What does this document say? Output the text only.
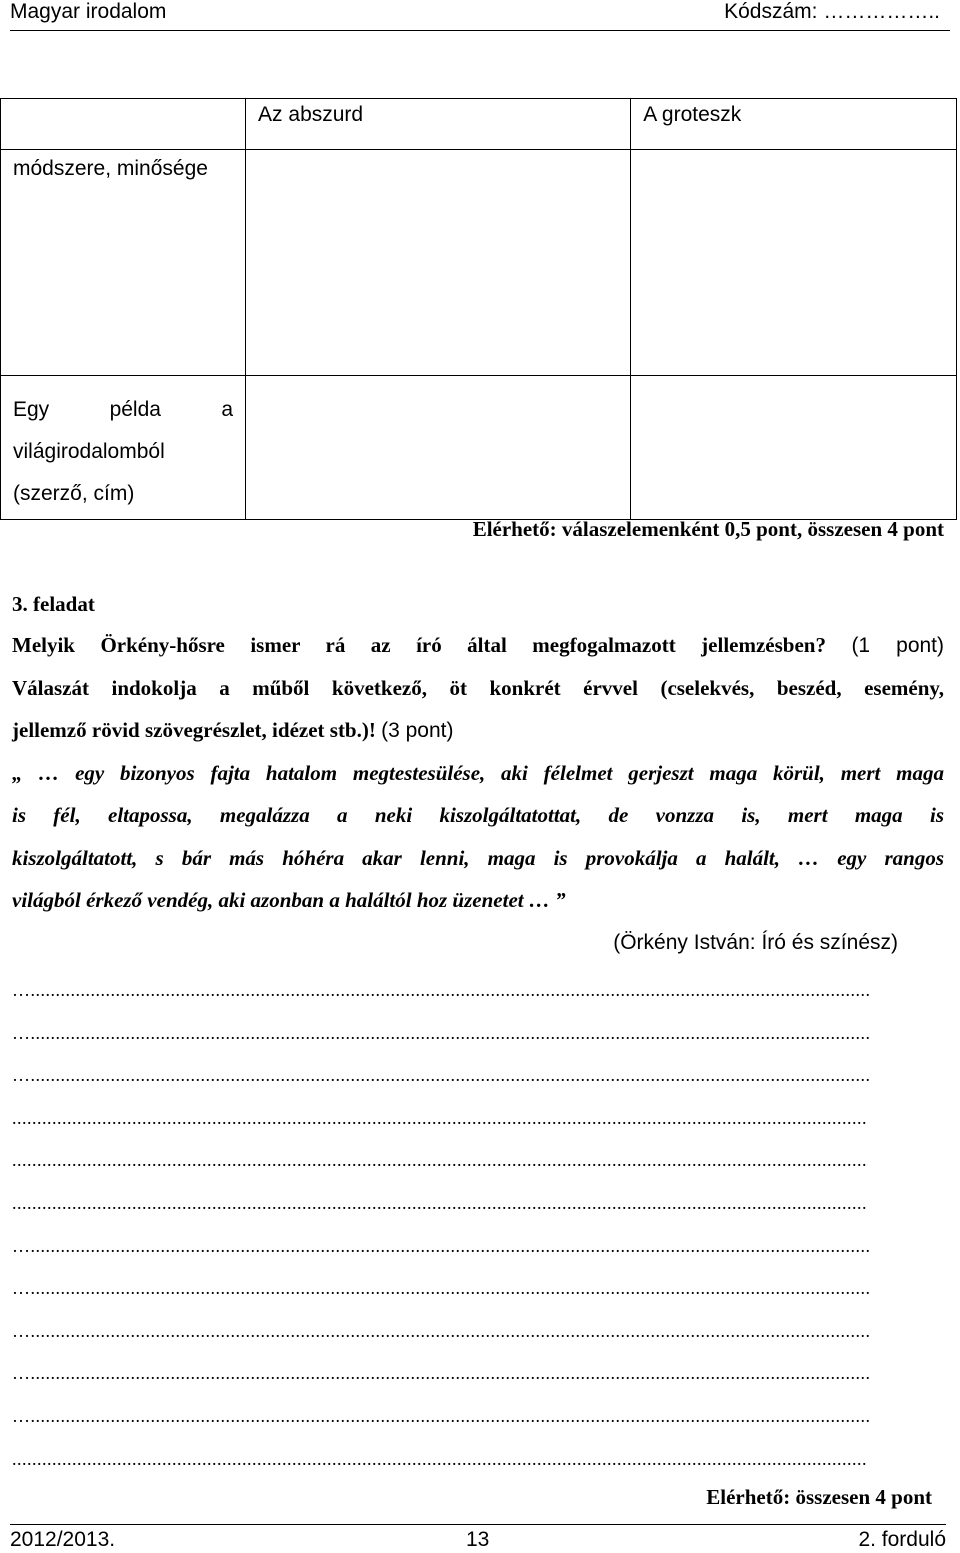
Magyar irodalom	Kódszám: ……………..
	Az abszurd	A groteszk
módszere, minősége		

Egy példa a
világirodalomból
(szerző, cím)		

Elérhető: válaszelemenként 0,5 pont, összesen 4 pont
3. feladat
Melyik Örkény-hősre ismer rá az író által megfogalmazott jellemzésben? (1 pont)
Válaszát indokolja a műből következő, öt konkrét érvvel (cselekvés, beszéd, esemény,
jellemző rövid szövegrészlet, idézet stb.)! (3 pont)
„ … egy bizonyos fajta hatalom megtestesülése, aki félelmet gerjeszt maga körül, mert maga
is fél, eltapossa, megalázza a neki kiszolgáltatottat, de vonzza is, mert maga is
kiszolgáltatott, s bár más hóhéra akar lenni, maga is provokálja a halált, … egy rangos
világból érkező vendég, aki azonban a haláltól hoz üzenetet … ”
(Örkény István: Író és színész)
…........................................................................................................................................................................
…........................................................................................................................................................................
…........................................................................................................................................................................
...........................................................................................................................................................................
...........................................................................................................................................................................
...........................................................................................................................................................................
…........................................................................................................................................................................
…........................................................................................................................................................................
…........................................................................................................................................................................
…........................................................................................................................................................................
…........................................................................................................................................................................
...........................................................................................................................................................................
Elérhető: összesen 4 pont
2012/2013.	13	2. forduló
